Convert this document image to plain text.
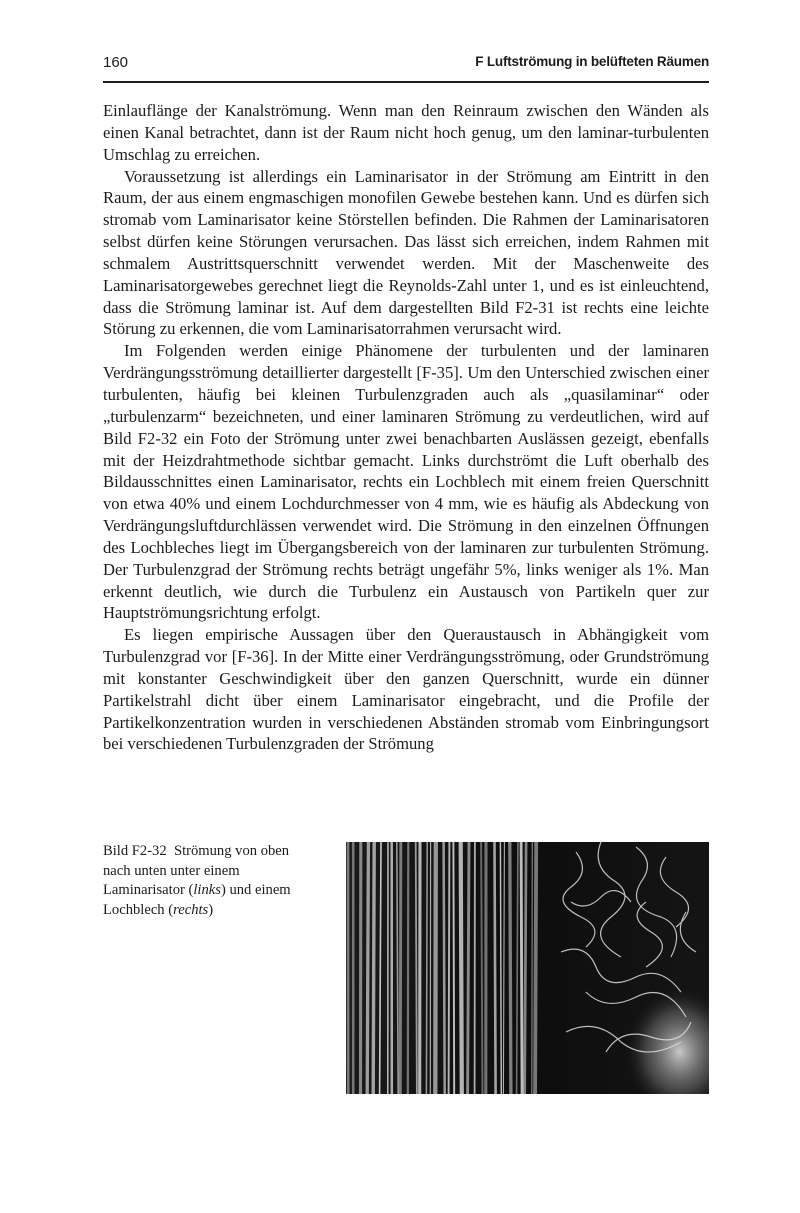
160	F Luftströmung in belüfteten Räumen

Einlauflänge der Kanalströmung. Wenn man den Reinraum zwischen den Wänden als einen Kanal betrachtet, dann ist der Raum nicht hoch genug, um den laminar-turbulenten Umschlag zu erreichen.

Voraussetzung ist allerdings ein Laminarisator in der Strömung am Eintritt in den Raum, der aus einem engmaschigen monofilen Gewebe bestehen kann. Und es dürfen sich stromab vom Laminarisator keine Störstellen befinden. Die Rahmen der Laminarisatoren selbst dürfen keine Störungen verursachen. Das lässt sich erreichen, indem Rahmen mit schmalem Austrittsquerschnitt verwendet werden. Mit der Maschenweite des Laminarisatorgewebes gerechnet liegt die Reynolds-Zahl unter 1, und es ist einleuchtend, dass die Strömung laminar ist. Auf dem dargestellten Bild F2-31 ist rechts eine leichte Störung zu erkennen, die vom Laminarisatorrahmen verursacht wird.

Im Folgenden werden einige Phänomene der turbulenten und der laminaren Verdrängungsströmung detaillierter dargestellt [F-35]. Um den Unterschied zwischen einer turbulenten, häufig bei kleinen Turbulenzgraden auch als „quasilaminar“ oder „turbulenzarm“ bezeichneten, und einer laminaren Strömung zu verdeutlichen, wird auf Bild F2-32 ein Foto der Strömung unter zwei benachbarten Auslässen gezeigt, ebenfalls mit der Heizdrahtmethode sichtbar gemacht. Links durchströmt die Luft oberhalb des Bildausschnittes einen Laminarisator, rechts ein Lochblech mit einem freien Querschnitt von etwa 40% und einem Lochdurchmesser von 4 mm, wie es häufig als Abdeckung von Verdrängungsluftdurchlässen verwendet wird. Die Strömung in den einzelnen Öffnungen des Lochbleches liegt im Übergangsbereich von der laminaren zur turbulenten Strömung. Der Turbulenzgrad der Strömung rechts beträgt ungefähr 5%, links weniger als 1%. Man erkennt deutlich, wie durch die Turbulenz ein Austausch von Partikeln quer zur Hauptströmungsrichtung erfolgt.

Es liegen empirische Aussagen über den Queraustausch in Abhängigkeit vom Turbulenzgrad vor [F-36]. In der Mitte einer Verdrängungsströmung, oder Grundströmung mit konstanter Geschwindigkeit über den ganzen Querschnitt, wurde ein dünner Partikelstrahl dicht über einem Laminarisator eingebracht, und die Profile der Partikelkonzentration wurden in verschiedenen Abständen stromab vom Einbringungsort bei verschiedenen Turbulenzgraden der Strömung

Bild F2-32 Strömung von oben nach unten unter einem Laminarisator (links) und einem Lochblech (rechts)
